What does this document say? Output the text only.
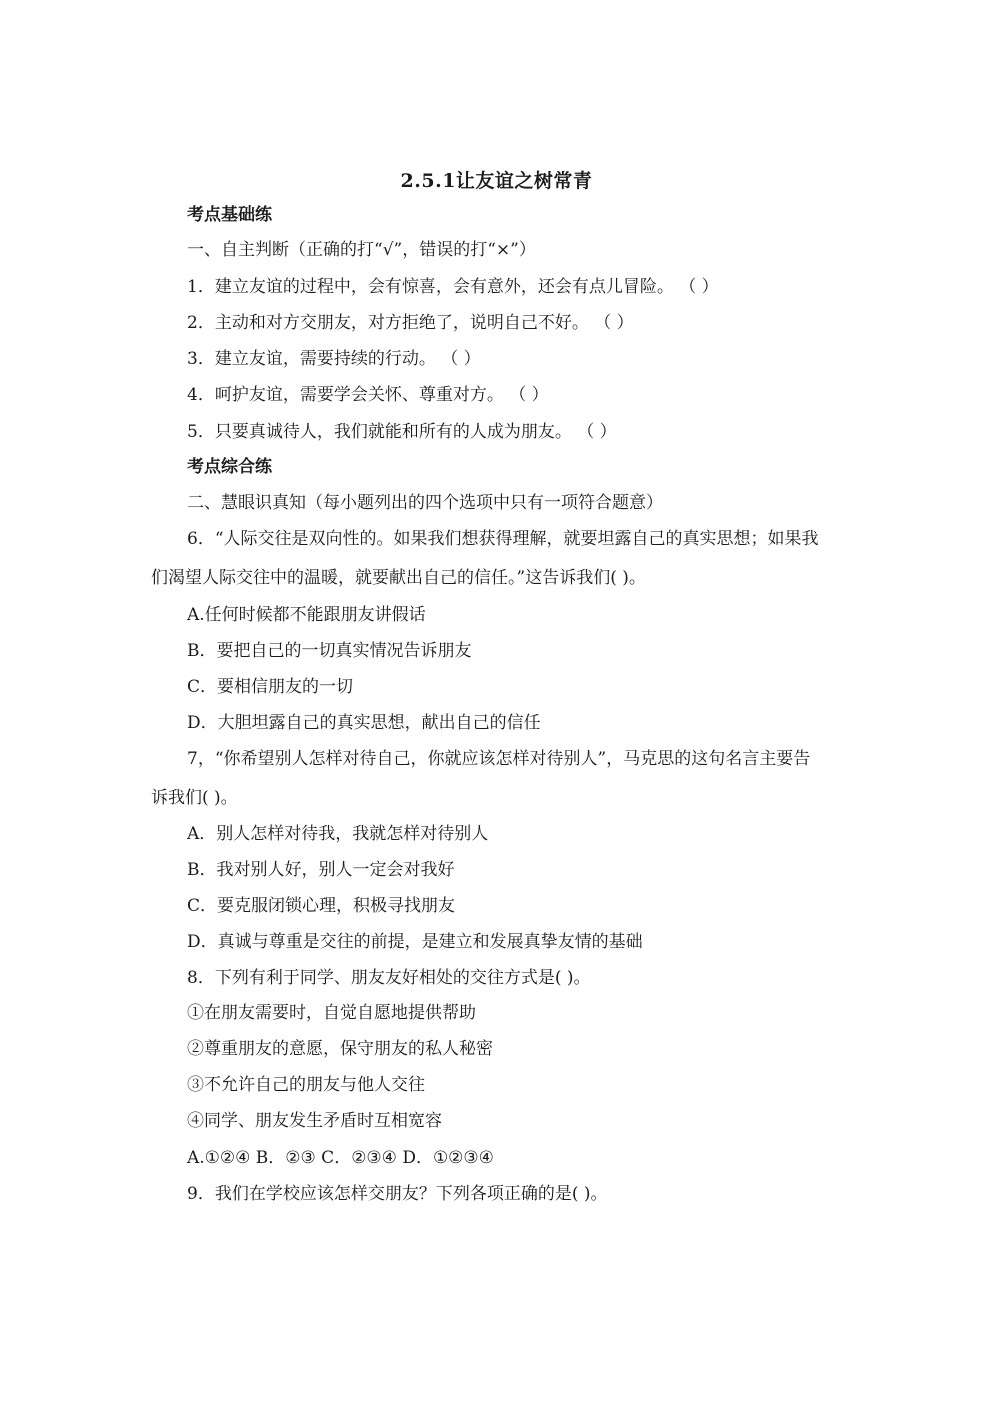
2.5.1让友谊之树常青
考点基础练
一、自主判断（正确的打“√”，错误的打“×”）
1．建立友谊的过程中，会有惊喜，会有意外，还会有点儿冒险。 （ ）
2．主动和对方交朋友，对方拒绝了，说明自己不好。 （ ）
3．建立友谊，需要持续的行动。 （ ）
4．呵护友谊，需要学会关怀、尊重对方。 （ ）
5．只要真诚待人，我们就能和所有的人成为朋友。 （ ）
考点综合练
二、慧眼识真知（每小题列出的四个选项中只有一项符合题意）
6．“人际交往是双向性的。如果我们想获得理解，就要坦露自己的真实思想；如果我
们渴望人际交往中的温暖，就要献出自己的信任。”这告诉我们( )。
A.任何时候都不能跟朋友讲假话
B．要把自己的一切真实情况告诉朋友
C．要相信朋友的一切
D．大胆坦露自己的真实思想，献出自己的信任
7，“你希望别人怎样对待自己，你就应该怎样对待别人”，马克思的这句名言主要告
诉我们( )。
A．别人怎样对待我，我就怎样对待别人
B．我对别人好，别人一定会对我好
C．要克服闭锁心理，积极寻找朋友
D．真诚与尊重是交往的前提，是建立和发展真挚友情的基础
8．下列有利于同学、朋友友好相处的交往方式是( )。
①在朋友需要时，自觉自愿地提供帮助
②尊重朋友的意愿，保守朋友的私人秘密
③不允许自己的朋友与他人交往
④同学、朋友发生矛盾时互相宽容
A.①②④ B．②③ C．②③④ D．①②③④
9．我们在学校应该怎样交朋友？下列各项正确的是( )。
